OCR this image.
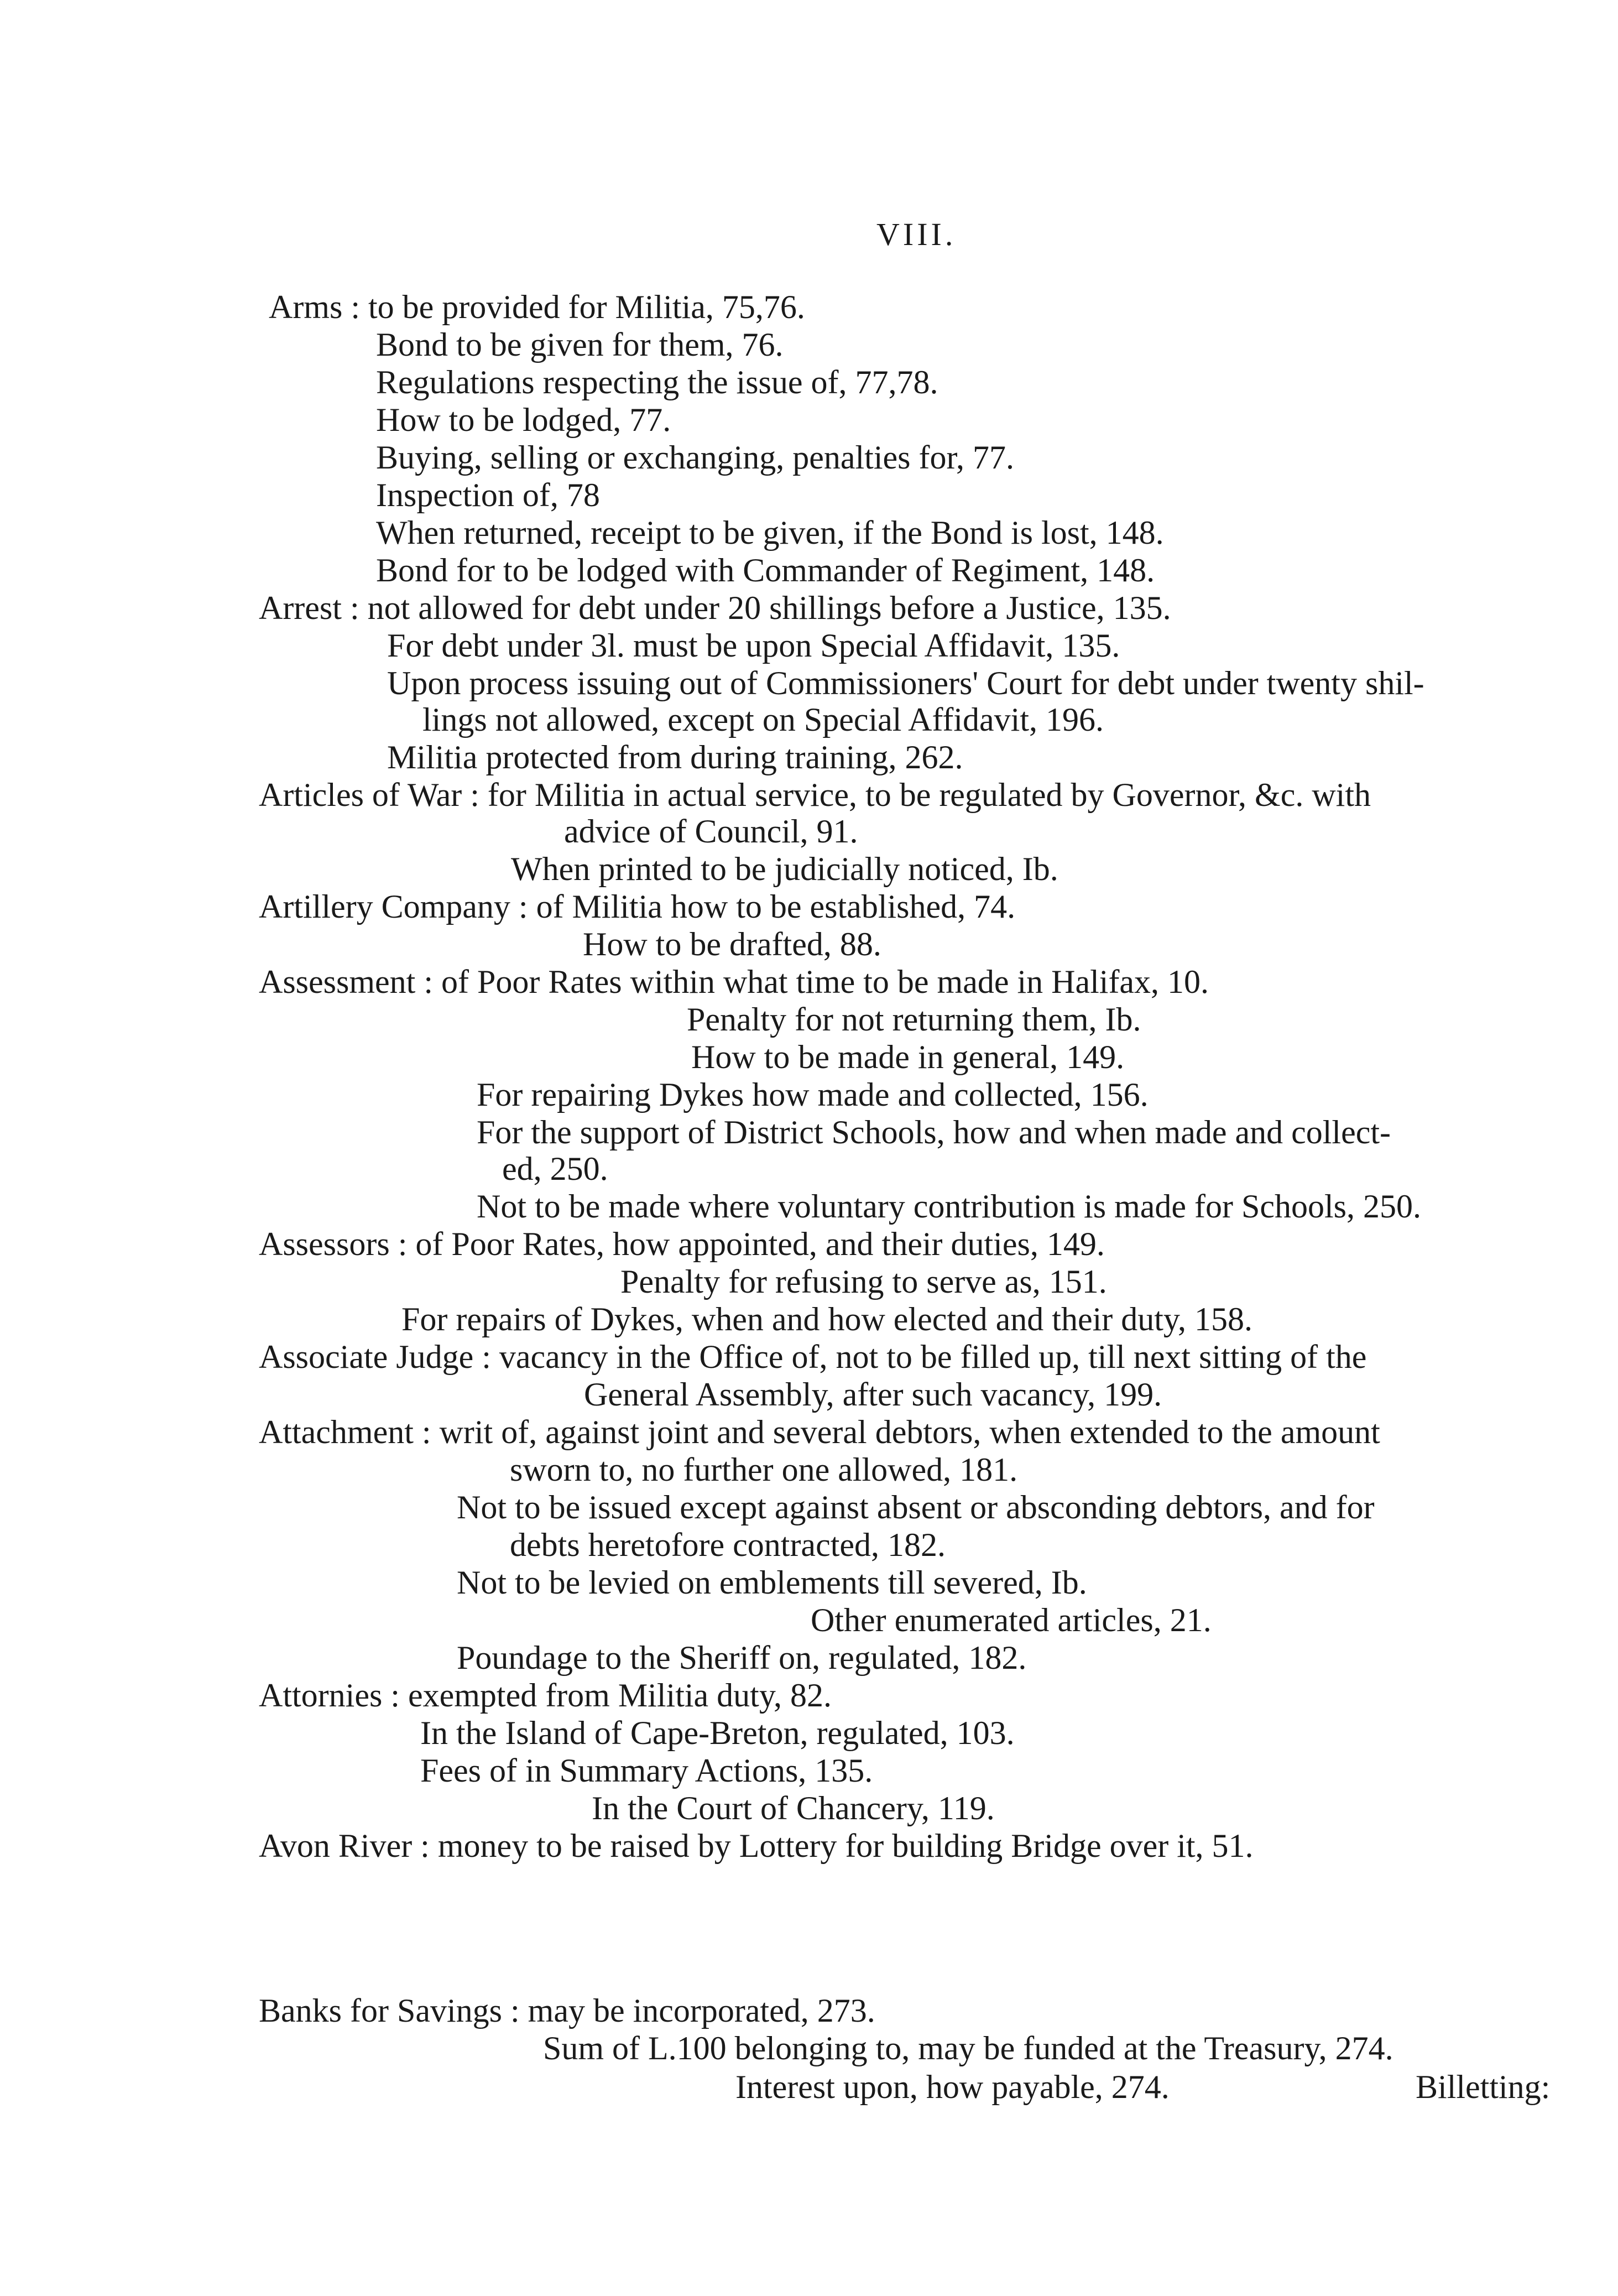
VIII.
Arms : to be provided for Militia, 75,76.
Bond to be given for them, 76.
Regulations respecting the issue of, 77,78.
How to be lodged, 77.
Buying, selling or exchanging, penalties for, 77.
Inspection of, 78
When returned, receipt to be given, if the Bond is lost, 148.
Bond for to be lodged with Commander of Regiment, 148.
Arrest : not allowed for debt under 20 shillings before a Justice, 135.
For debt under 3l. must be upon Special Affidavit, 135.
Upon process issuing out of Commissioners' Court for debt under twenty shil-
lings not allowed, except on Special Affidavit, 196.
Militia protected from during training, 262.
Articles of War : for Militia in actual service, to be regulated by Governor, &c. with
advice of Council, 91.
When printed to be judicially noticed, Ib.
Artillery Company : of Militia how to be established, 74.
How to be drafted, 88.
Assessment : of Poor Rates within what time to be made in Halifax, 10.
Penalty for not returning them, Ib.
How to be made in general, 149.
For repairing Dykes how made and collected, 156.
For the support of District Schools, how and when made and collect-
ed, 250.
Not to be made where voluntary contribution is made for Schools, 250.
Assessors : of Poor Rates, how appointed, and their duties, 149.
Penalty for refusing to serve as, 151.
For repairs of Dykes, when and how elected and their duty, 158.
Associate Judge : vacancy in the Office of, not to be filled up, till next sitting of the
General Assembly, after such vacancy, 199.
Attachment : writ of, against joint and several debtors, when extended to the amount
sworn to, no further one allowed, 181.
Not to be issued except against absent or absconding debtors, and for
debts heretofore contracted, 182.
Not to be levied on emblements till severed, Ib.
Other enumerated articles, 21.
Poundage to the Sheriff on, regulated, 182.
Attornies : exempted from Militia duty, 82.
In the Island of Cape-Breton, regulated, 103.
Fees of in Summary Actions, 135.
In the Court of Chancery, 119.
Avon River : money to be raised by Lottery for building Bridge over it, 51.
Banks for Savings : may be incorporated, 273.
Sum of L.100 belonging to, may be funded at the Treasury, 274.
Interest upon, how payable, 274.	Billetting:
